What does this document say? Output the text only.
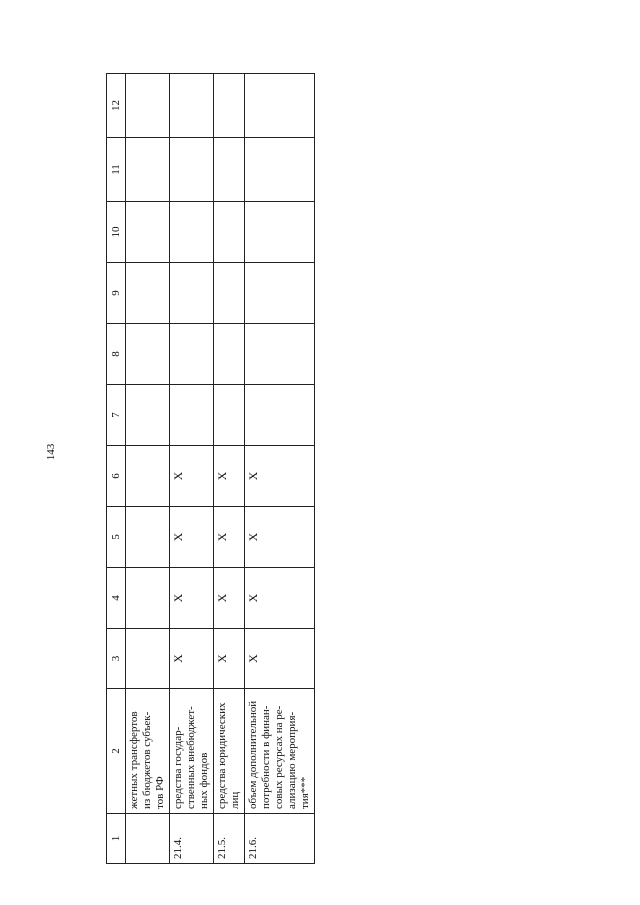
143
1	2	3	4	5	6	7	8	9	10	11	12

	жетных трансфертов из бюджетов субъек- тов РФ										

21.4.	средства государ- ственных внебюджет- ных фондов	X	X	X	X						
21.5.	средства юридических лиц	X	X	X	X						
21.6.	объем дополнительной потребности в финан- совых ресурсах на ре- ализацию мероприя- тия***	X	X	X	X						
